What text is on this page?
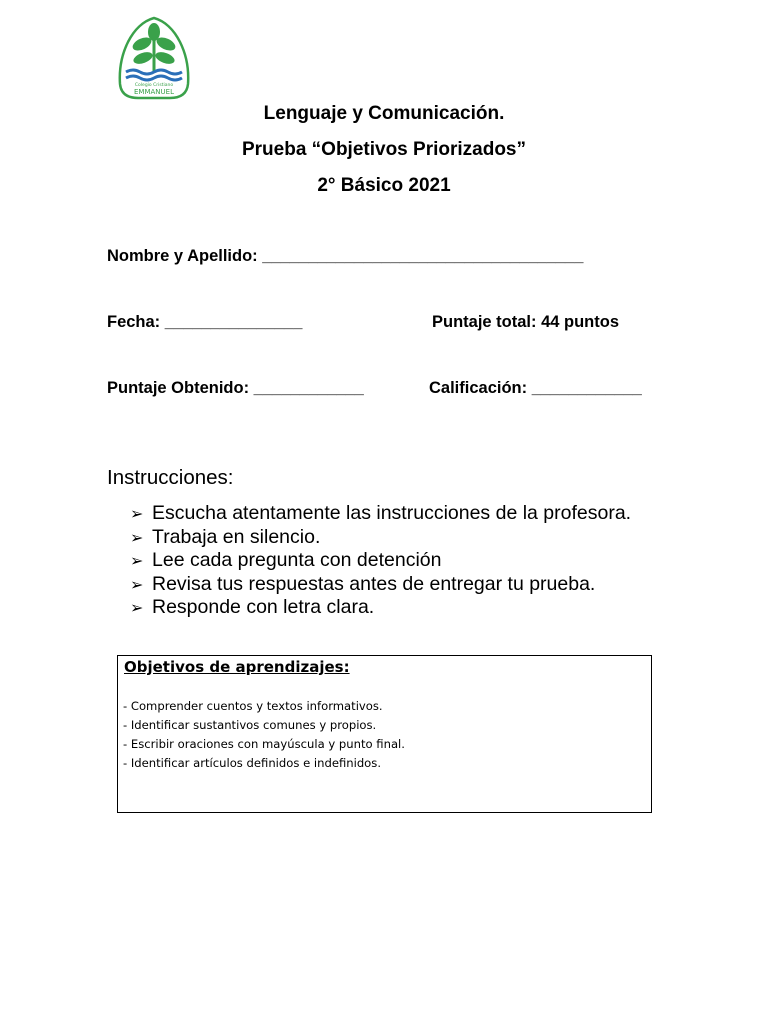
Colegio Cristiano
EMMANUEL
Lenguaje y Comunicación.
Prueba “Objetivos Priorizados”
2° Básico 2021
Nombre y Apellido: ___________________________________
Fecha: _______________	Puntaje total: 44 puntos
Puntaje Obtenido: ____________	Calificación: ____________
Instrucciones:
➢ Escucha atentamente las instrucciones de la profesora.
➢ Trabaja en silencio.
➢ Lee cada pregunta con detención
➢ Revisa tus respuestas antes de entregar tu prueba.
➢ Responde con letra clara.
Objetivos de aprendizajes:
- Comprender cuentos y textos informativos.
- Identificar sustantivos comunes y propios.
- Escribir oraciones con mayúscula y punto final.
- Identificar artículos definidos e indefinidos.
